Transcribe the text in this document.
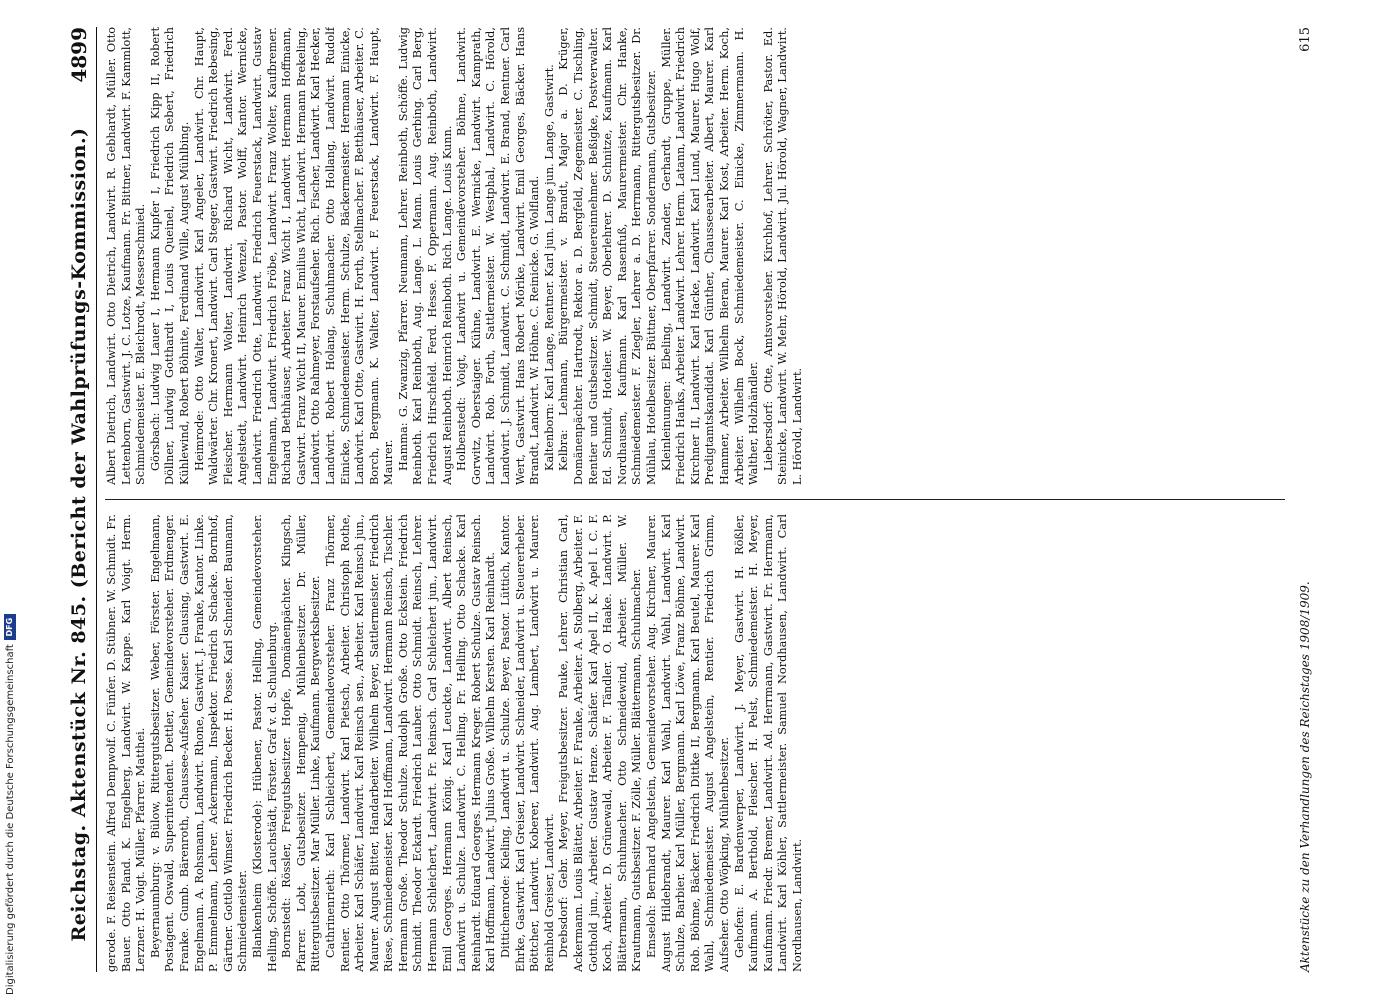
Reichstag. Aktenstück Nr. 845. (Bericht der Wahlprüfungs-Kommission.)
4899

gerode. F. Reisenstein. Alfred Dempwolf. C. Fünfer. D. Stübner. W. Schmidt. Fr. Bauer. Otto Pland. K. Engelberg, Landwirt. W. Kappe. Karl Voigt. Herm. Lerzner. H. Voigt. Müller, Pfarrer. Matthei. Beyernaumburg: v. Bülow, Rittergutsbesitzer. Weber, Förster. Engelmann, Postagent. Oswald, Superintendent. Dettler, Gemeindevorsteher. Erdmenger. Franke. Gumb. Bärenroth, Chaussee-Aufseher. Kaiser. Clausing, Gastwirt. E. Engelmann. A. Rohsmann, Landwirt. Rhone, Gastwirt. J. Franke, Kantor. Linke. P. Emmelmann, Lehrer. Ackermann, Inspektor. Friedrich Schacke. Bornhof, Gärtner. Gottlob Wimser. Friedrich Becker. H. Posse. Karl Schneider. Baumann, Schmiedemeister. Blankenheim (Klosterode): Hübener, Pastor. Helling, Gemeindevorsteher. Helling, Schöffe. Lauchstädt, Förster. Graf v. d. Schulenburg. Bornstedt: Rössler, Freigutsbesitzer. Hopfe, Domänenpächter. Klingsch, Pfarrer. Lobt, Gutsbesitzer. Hempenig, Mühlenbesitzer. Dr. Müller, Rittergutsbesitzer. Mar Müller. Linke, Kaufmann. Bergwerksbesitzer. Cathrinenrieth: Karl Schleichert, Gemeindevorsteher. Franz Thörmer, Rentier. Otto Thörmer, Landwirt. Karl Pietsch, Arbeiter. Christoph Rothe, Arbeiter. Karl Schäfer, Landwirt. Karl Reinsch sen., Arbeiter. Karl Reinsch jun., Maurer. August Bitter, Handarbeiter. Wilhelm Beyer, Sattlermeister. Friedrich Riese, Schmiedemeister. Karl Hoffmann, Landwirt. Hermann Reinsch, Tischler. Hermann Große. Theodor Schulze. Rudolph Große. Otto Eckstein. Friedrich Schmidt. Theodor Eckardt. Friedrich Lauber. Otto Schmidt. Reinsch, Lehrer. Hermann Schleichert, Landwirt. Fr. Reinsch. Carl Schleichert jun., Landwirt. Emil Georges. Hermann König. Karl Leuckte, Landwirt. Albert Reinsch, Landwirt u. Schulze. Landwirt. C. Helling. Fr. Helling. Otto Schacke. Karl Reinhardt. Eduard Georges. Hermann Kreger. Robert Schulze. Gustav Reinsch. Karl Hoffmann, Landwirt. Julius Große. Wilhelm Kersten. Karl Reinhardt. Dittichenrode: Kieling, Landwirt u. Schulze. Beyer, Pastor. Lüttich, Kantor. Ehrke, Gastwirt. Karl Greiser, Landwirt. Schneider, Landwirt u. Steuererheber. Böttcher, Landwirt. Koberer, Landwirt. Aug. Lambert, Landwirt u. Maurer. Reinhold Greiser, Landwirt. Drebsdorf: Gebr. Meyer, Freigutsbesitzer. Pauke, Lehrer. Christian Carl, Ackermann. Louis Blätter, Arbeiter. F. Franke, Arbeiter. A. Stolberg, Arbeiter. F. Gotthold jun., Arbeiter. Gustav Henze. Schäfer. Karl Apel II, K. Apel I. C. F. Koch, Arbeiter. D. Grünewald, Arbeiter. F. Tändler. O. Haake. Landwirt. P. Blättermann, Schuhmacher. Otto Schneidewind, Arbeiter. Müller. W. Krautmann, Gutsbesitzer. F. Zölle, Müller. Blättermann, Schuhmacher. Emseloh: Bernhard Angelstein, Gemeindevorsteher. Aug. Kirchner, Maurer. August Hildebrandt, Maurer. Karl Wahl, Landwirt. Wahl, Landwirt. Karl Schulze, Barbier. Karl Müller, Bergmann. Karl Löwe, Franz Böhme, Landwirt. Rob. Böhme, Bäcker. Friedrich Dittke II, Bergmann. Karl Beutel, Maurer. Karl Wahl, Schmiedemeister. August Angelstein, Rentier. Friedrich Grimm, Aufseher. Otto Wöpking, Mühlenbesitzer. Gehofen: E. Bardenwerper, Landwirt. J. Meyer, Gastwirt. H. Rößler, Kaufmann. A. Berthold, Fleischer. H. Pelst, Schmiedemeister. H. Meyer, Kaufmann. Friedr. Bremer, Landwirt. Ad. Herrmann, Gastwirt. Fr. Herrmann, Landwirt. Karl Köhler, Sattlermeister. Samuel Nordhausen, Landwirt. Carl Nordhausen, Landwirt.

Albert Dietrich, Landwirt. Otto Dietrich, Landwirt. R. Gebhardt, Müller. Otto Lettenborn, Gastwirt. J. C. Lotze, Kaufmann. Fr. Bittner, Landwirt. F. Kammlott, Schmiedemeister. E. Bleichrodt, Messerschmied. Görsbach: Ludwig Lauer I, Hermann Kupfer I, Friedrich Kipp II, Robert Döllner, Ludwig Gotthardt I, Louis Queinel, Friedrich Sebert, Friedrich Kühlewind, Robert Böhnite, Ferdinand Wille, August Mühlbing. Heimrode: Otto Walter, Landwirt. Karl Angeler, Landwirt. Chr. Haupt, Waldwärter. Chr. Kronert, Landwirt. Carl Steger, Gastwirt. Friedrich Rebesing, Fleischer. Hermann Wolter, Landwirt. Richard Wicht, Landwirt. Ferd. Angelstedt, Landwirt. Heinrich Wenzel, Pastor. Wolff, Kantor. Wernicke, Landwirt. Friedrich Otte, Landwirt. Friedrich Feuerstack, Landwirt. Gustav Engelmann, Landwirt. Friedrich Fröbe, Landwirt. Franz Wolter, Kaufbremer. Richard Bethhäuser, Arbeiter. Franz Wicht I, Landwirt. Hermann Hoffmann, Gastwirt. Franz Wicht II, Maurer. Emilius Wicht, Landwirt. Hermann Brekeling, Landwirt. Otto Rahmeyer, Forstaufseher. Rich. Fischer, Landwirt. Karl Hecker, Landwirt. Robert Holang, Schuhmacher. Otto Hollang, Landwirt. Rudolf Einicke, Schmiedemeister. Herm. Schulze, Bäckermeister. Hermann Einicke, Landwirt. Karl Otte, Gastwirt. H. Forth, Stellmacher. F. Betthäuser, Arbeiter. C. Borch, Bergmann. K. Walter, Landwirt. F. Feuerstack, Landwirt. F. Haupt, Maurer. Hamma: G. Zwanzig, Pfarrer. Neumann, Lehrer. Reinboth, Schöffe. Ludwig Reinboth. Karl Reinboth, Aug. Lange. L. Mann. Louis Gerbing. Carl Berg, Friedrich Hirschfeld. Ferd. Hesse. F. Oppermann. Aug. Reinboth, Landwirt. August Reinboth. Heinrich Reinboth. Rich. Lange. Louis Kunn. Holbenstedt: Voigt, Landwirt u. Gemeindevorsteher. Böhme, Landwirt. Gorwitz, Oberstaiger. Kühne, Landwirt. E. Wernicke, Landwirt. Kamprath, Landwirt. Rob. Forth, Sattlermeister. W. Westphal, Landwirt. C. Hörold, Landwirt. J. Schmidt, Landwirt. C. Schmidt, Landwirt. E. Brand, Rentner. Carl Wert, Gastwirt. Hans Robert Mörike, Landwirt. Emil Georges, Bäcker. Hans Brandt, Landwirt. W. Höhne. C. Reinicke. G. Wolfland. Kaltenborn: Karl Lange, Rentner. Karl jun. Lange jun. Lange, Gastwirt. Kelbra: Lehmann, Bürgermeister. v. Brandt, Major a. D. Krüger, Domänenpächter. Hartrodt, Rektor a. D. Bergfeld, Zegemeister. C. Tischling, Rentier und Gutsbesitzer. Schmidt, Steuereinnehmer. Beßigke, Postverwalter. Ed. Schmidt, Hotelier. W. Beyer, Oberlehrer. D. Schnitze, Kaufmann. Karl Nordhausen, Kaufmann. Karl Rasenfuß, Maurermeister. Chr. Hanke, Schmiedemeister. F. Ziegler, Lehrer a. D. Herrmann, Rittergutsbesitzer. Dr. Mühlau, Hotelbesitzer. Büttner, Oberpfarrer. Sondermann, Gutsbesitzer. Kleinleinungen: Ebeling, Landwirt. Zander, Gerhardt, Gruppe, Müller. Friedrich Hanks, Arbeiter. Landwirt. Lehrer. Herm. Latann, Landwirt. Friedrich Kirchner II, Landwirt. Karl Hacke, Landwirt. Karl Lund, Maurer. Hugo Wolf, Predigtamtskandidat. Karl Günther, Chausseearbeiter. Albert, Maurer. Karl Hammer, Arbeiter. Wilhelm Bieran, Maurer. Karl Kost, Arbeiter. Herm. Koch, Arbeiter. Wilhelm Bock, Schmiedemeister. C. Einicke, Zimmermann. H. Walther, Holzhändler. Liebersdorf: Otte, Amtsvorsteher. Kirchhof, Lehrer. Schröter, Pastor. Ed. Steinicke, Landwirt. W. Mehr, Hörold, Landwirt. Jul. Hörold, Wagner, Landwirt. L. Hörold, Landwirt.

Aktenstücke zu den Verhandlungen des Reichstages 1908/1909.
615
Digitalisierung gefördert durch die Deutsche Forschungsgemeinschaft
DFG
